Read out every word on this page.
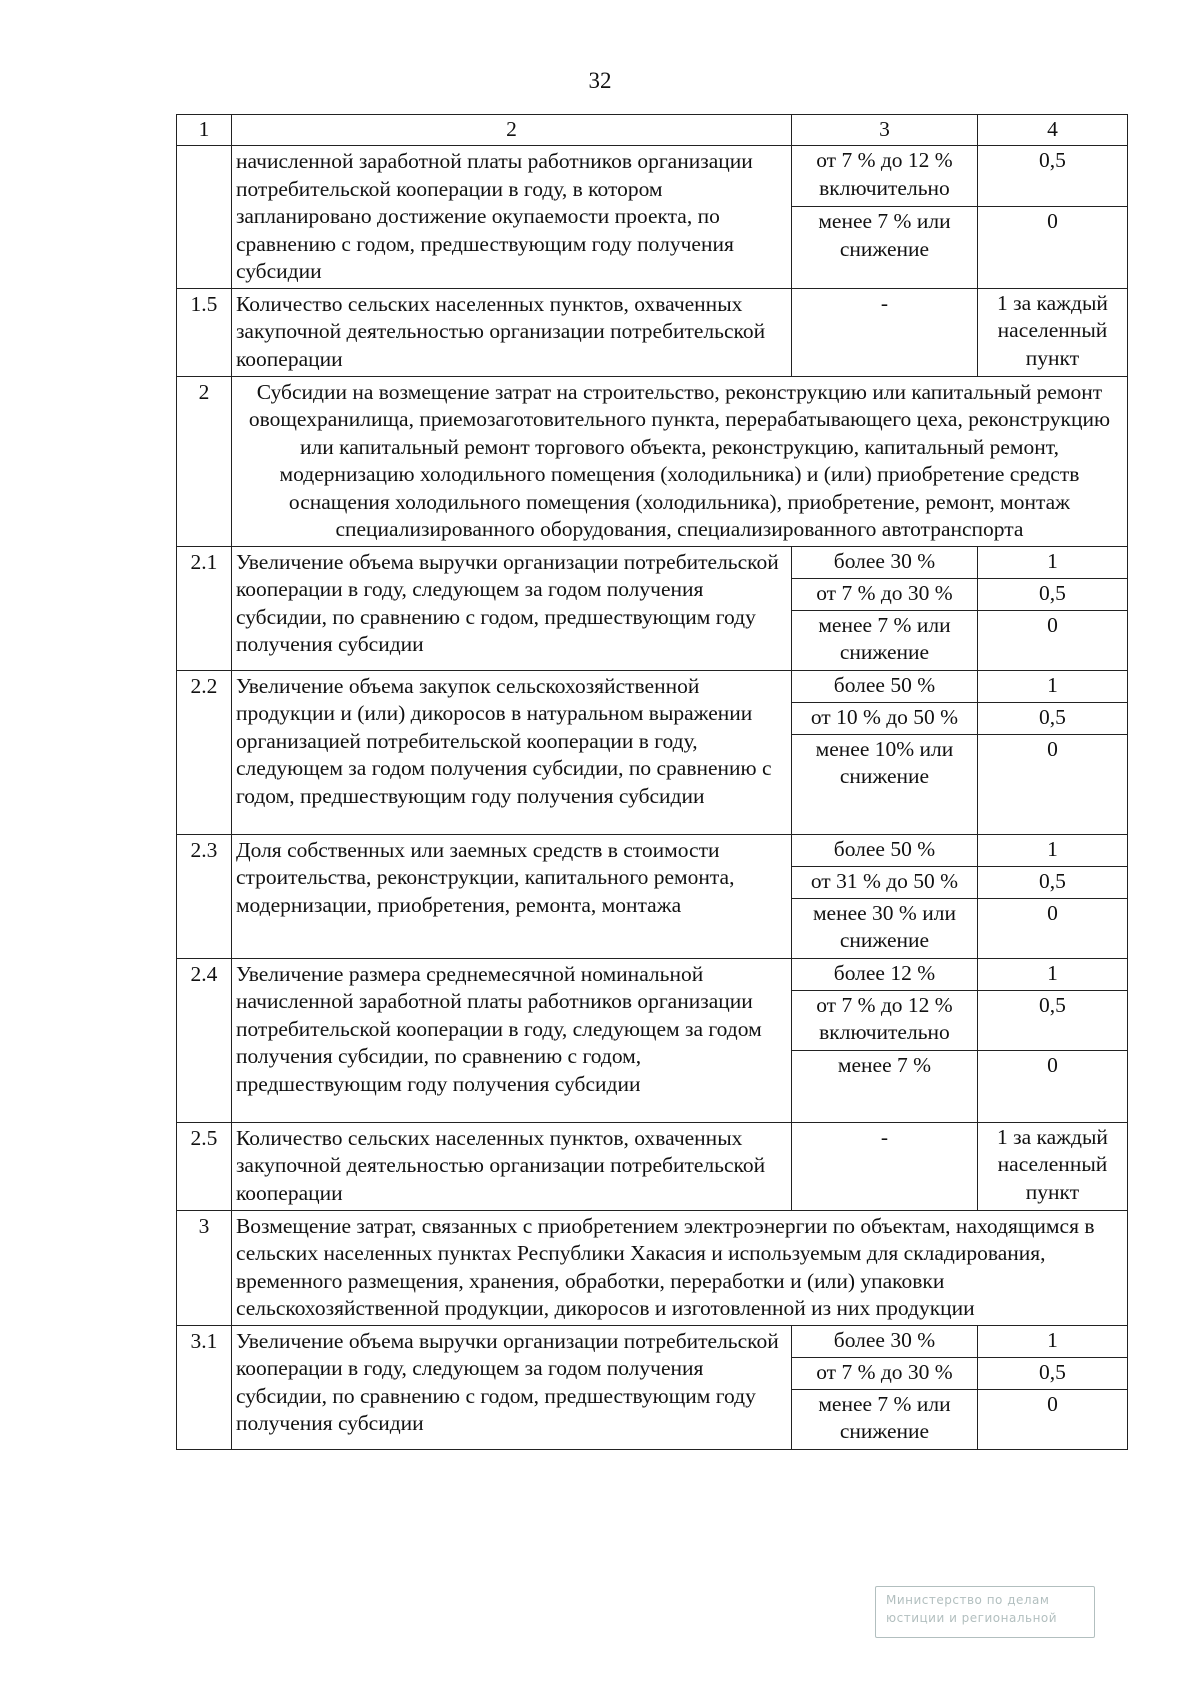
32
1	2	3	4
	начисленной заработной платы работников организации потребительской кооперации в году, в котором запланировано достижение окупаемости проекта, по сравнению с годом, предшествующим году получения субсидии	от 7 % до 12 % включительно	0,5
		менее 7 % или снижение	0
1.5	Количество сельских населенных пунктов, охваченных закупочной деятельностью организации потребительской кооперации	-	1 за каждый населенный пункт
2	Субсидии на возмещение затрат на строительство, реконструкцию или капитальный ремонт овощехранилища, приемозаготовительного пункта, перерабатывающего цеха, реконструкцию или капитальный ремонт торгового объекта, реконструкцию, капитальный ремонт, модернизацию холодильного помещения (холодильника) и (или) приобретение средств оснащения холодильного помещения (холодильника), приобретение, ремонт, монтаж специализированного оборудования, специализированного автотранспорта		
2.1	Увеличение объема выручки организации потребительской кооперации в году, следующем за годом получения субсидии, по сравнению с годом, предшествующим году получения субсидии	более 30 %	1
		от 7 % до 30 %	0,5
		менее 7 % или снижение	0
2.2	Увеличение объема закупок сельскохозяйственной продукции и (или) дикоросов в натуральном выражении организацией потребительской кооперации в году, следующем за годом получения субсидии, по сравнению с годом, предшествующим году получения субсидии	более 50 %	1
		от 10 % до 50 %	0,5
		менее 10% или снижение	0
2.3	Доля собственных или заемных средств в стоимости строительства, реконструкции, капитального ремонта, модернизации, приобретения, ремонта, монтажа	более 50 %	1
		от 31 % до 50 %	0,5
		менее 30 % или снижение	0
2.4	Увеличение размера среднемесячной номинальной начисленной заработной платы работников организации потребительской кооперации в году, следующем за годом получения субсидии, по сравнению с годом, предшествующим году получения субсидии	более 12 %	1
		от 7 % до 12 % включительно	0,5
		менее 7 %	0
2.5	Количество сельских населенных пунктов, охваченных закупочной деятельностью организации потребительской кооперации	-	1 за каждый населенный пункт
3	Возмещение затрат, связанных с приобретением электроэнергии по объектам, находящимся в сельских населенных пунктах Республики Хакасия и используемым для складирования, временного размещения, хранения, обработки, переработки и (или) упаковки сельскохозяйственной продукции, дикоросов и изготовленной из них продукции		
3.1	Увеличение объема выручки организации потребительской кооперации в году, следующем за годом получения субсидии, по сравнению с годом, предшествующим году получения субсидии	более 30 %	1
		от 7 % до 30 %	0,5
		менее 7 % или снижение	0
Министерство по делам
юстиции и региональной
